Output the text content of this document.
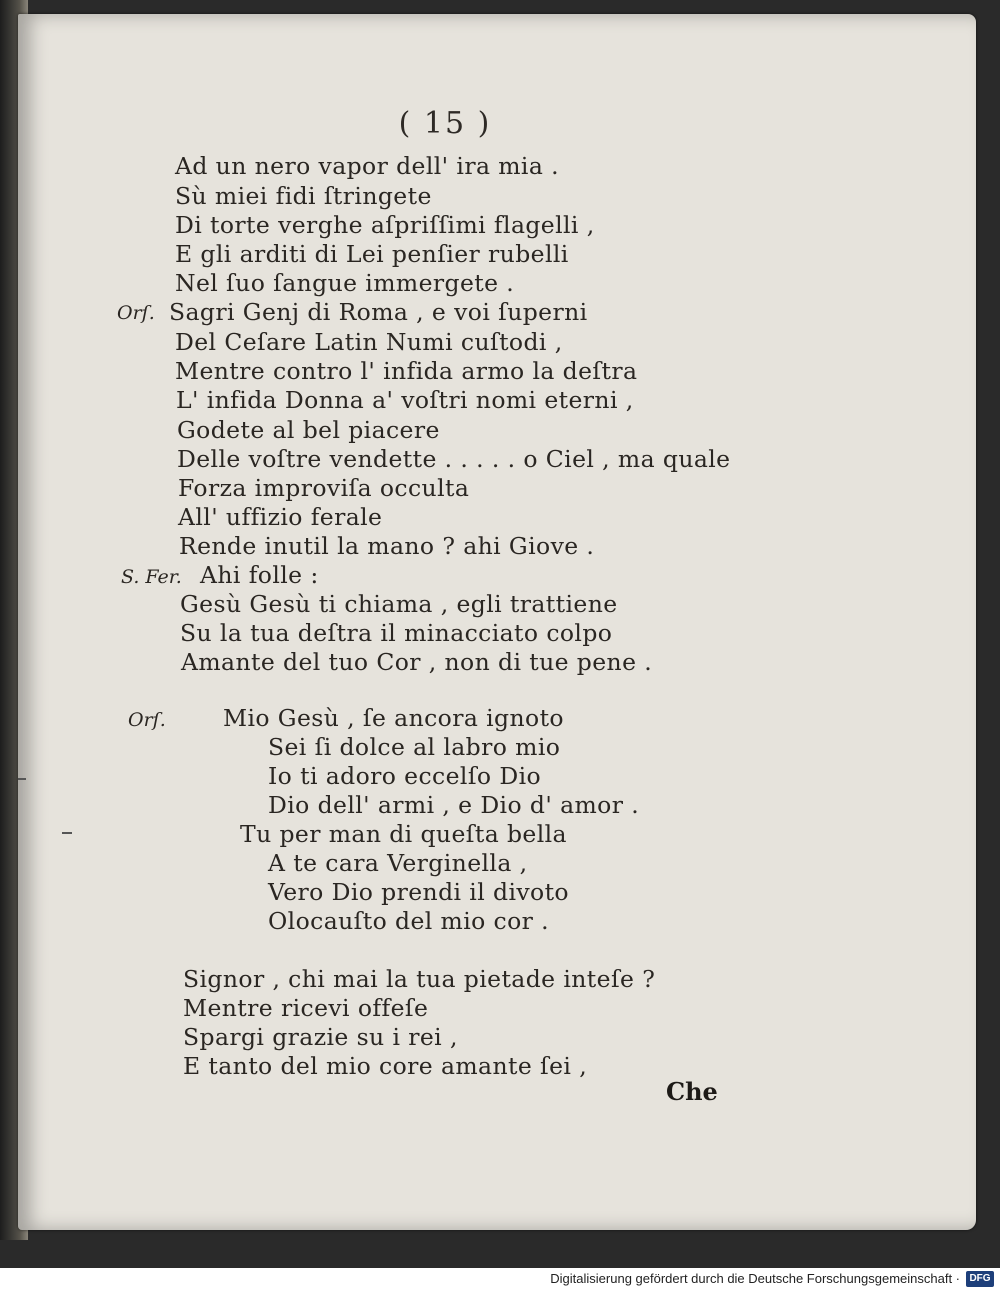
( 15 )
Ad un nero vapor dell' ira mia .
Sù miei fidi ſtringete
Di torte verghe aſpriſſimi flagelli ,
E gli arditi di Lei penſier rubelli
Nel ſuo ſangue immergete .
Orſ. Sagri Genj di Roma , e voi ſuperni
Del Ceſare Latin Numi cuſtodi ,
Mentre contro l' infida armo la deſtra
L' infida Donna a' voſtri nomi eterni ,
Godete al bel piacere
Delle voſtre vendette . . . . . o Ciel , ma quale
Forza improviſa occulta
All' uffizio ferale
Rende inutil la mano ? ahi Giove .
S. Fer. Ahi folle :
Gesù Gesù ti chiama , egli trattiene
Su la tua deſtra il minacciato colpo
Amante del tuo Cor , non di tue pene .
Orſ. Mio Gesù , ſe ancora ignoto
Sei ſi dolce al labro mio
Io ti adoro eccelſo Dio
Dio dell' armi , e Dio d' amor .
Tu per man di queſta bella
A te cara Verginella ,
Vero Dio prendi il divoto
Olocauſto del mio cor .
Signor , chi mai la tua pietade inteſe ?
Mentre ricevi offeſe
Spargi grazie su i rei ,
E tanto del mio core amante ſei ,
Che
Digitalisierung gefördert durch die Deutsche Forschungsgemeinschaft · DFG
